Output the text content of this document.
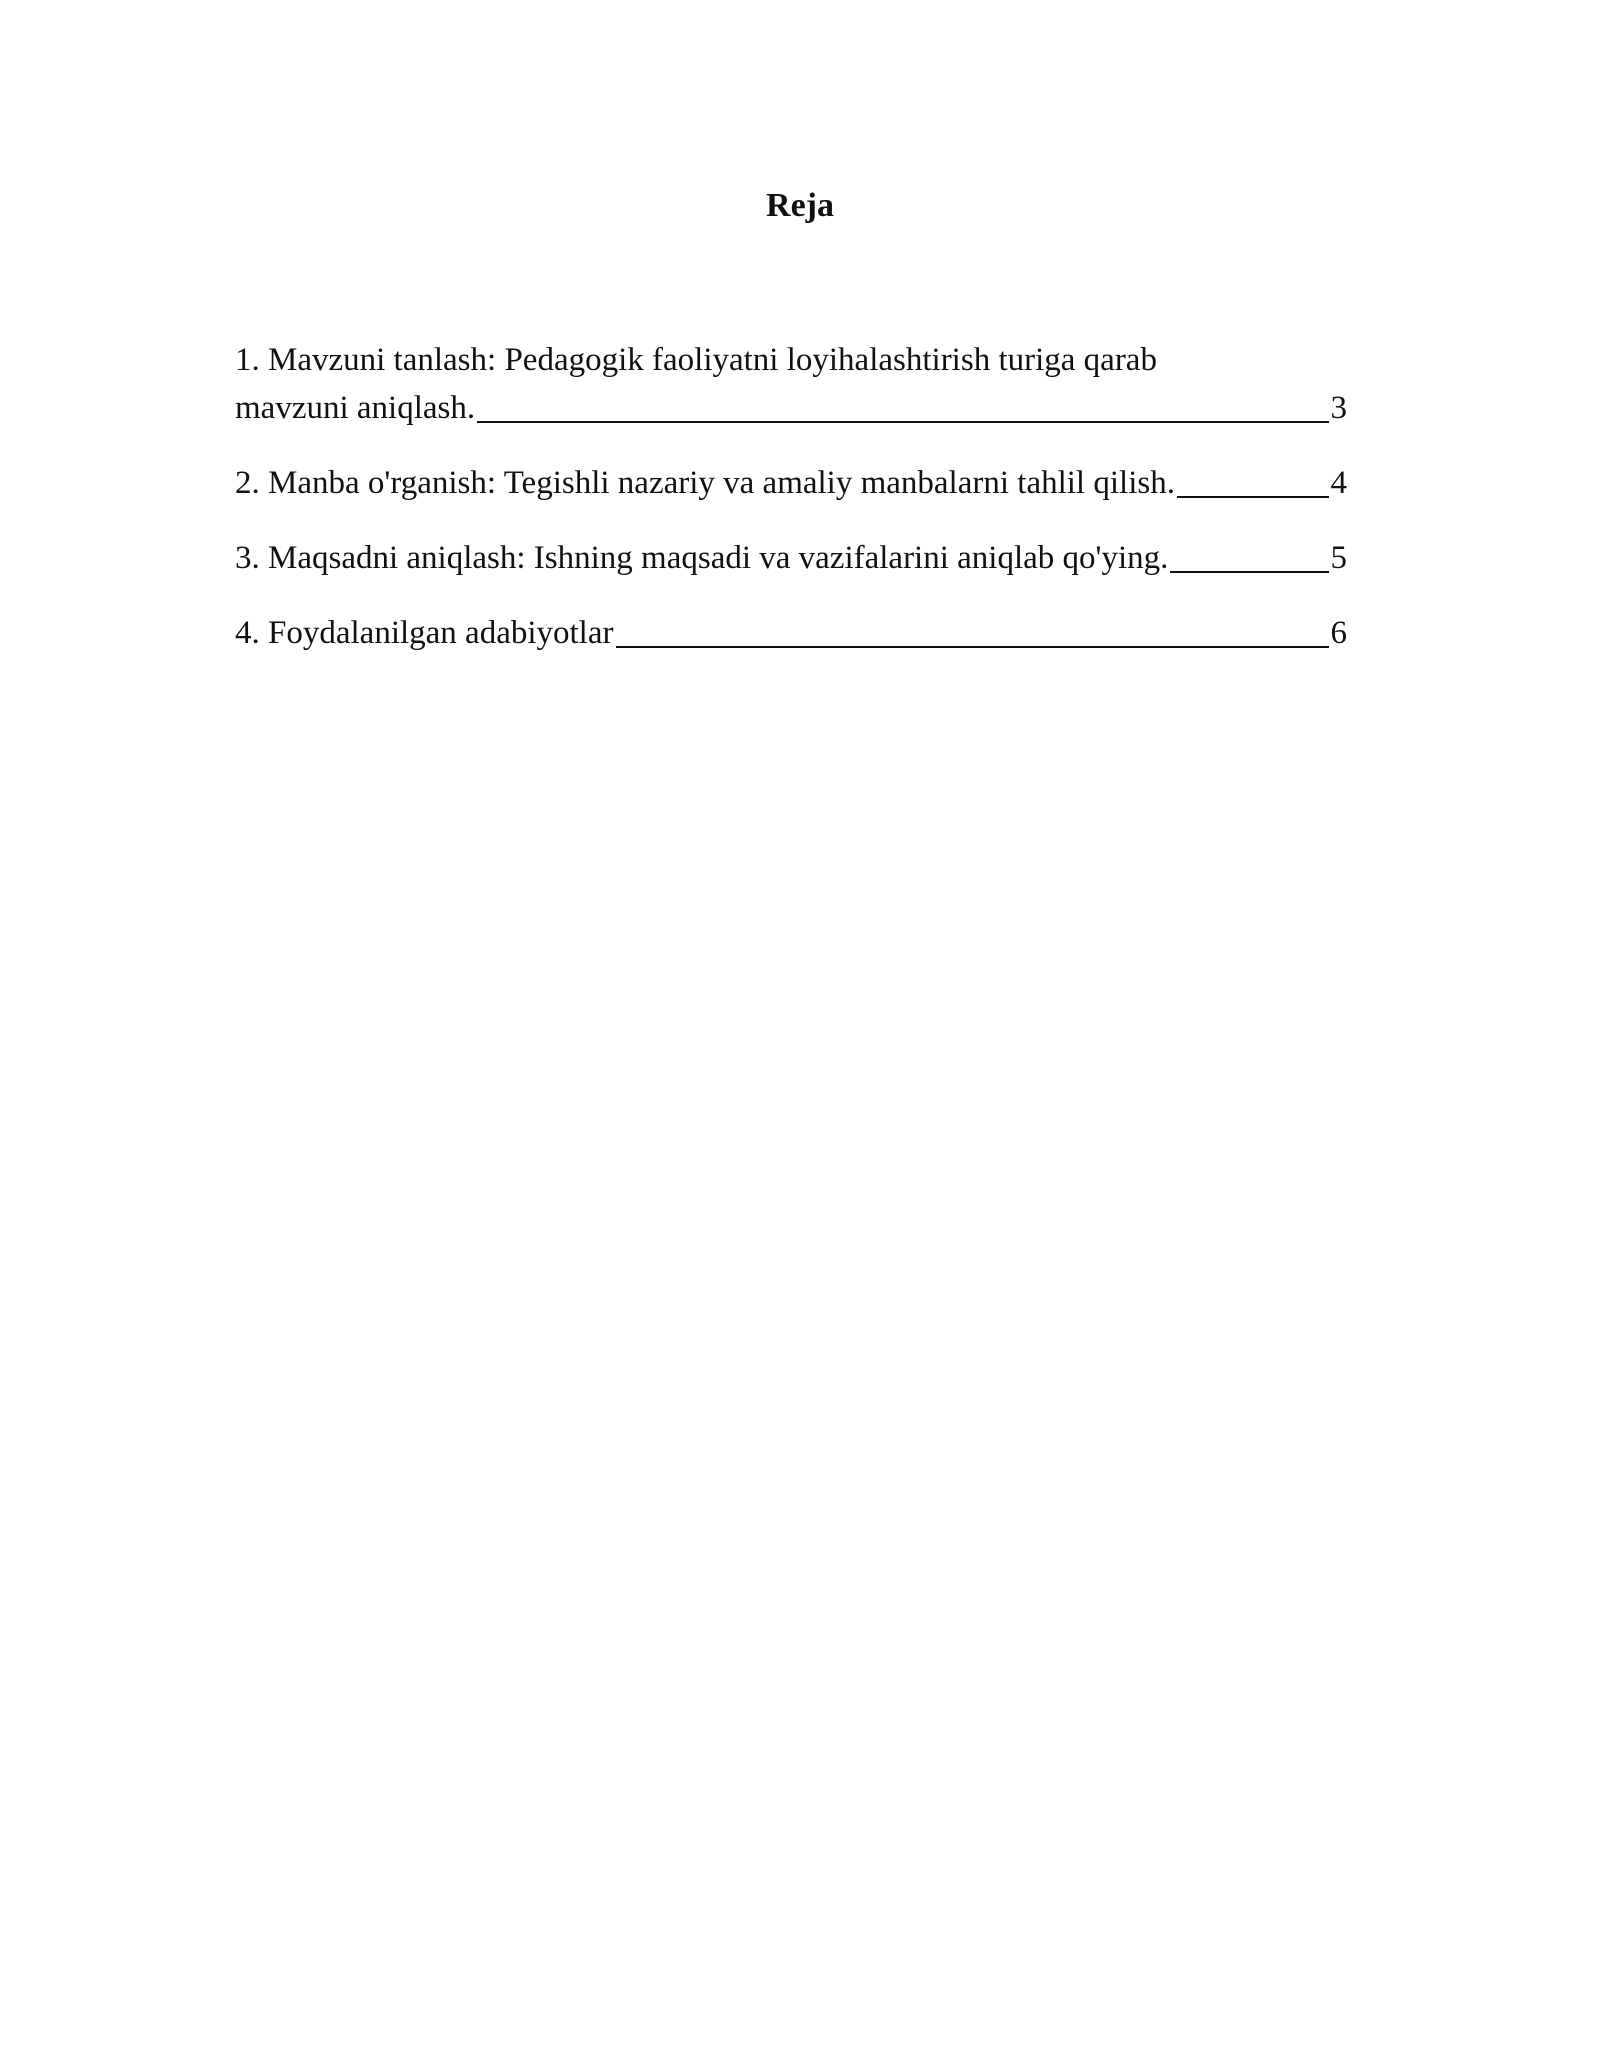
Reja
1. Mavzuni tanlash: Pedagogik faoliyatni loyihalashtirish turiga qarab
mavzuni aniqlash.	3
2. Manba o'rganish: Tegishli nazariy va amaliy manbalarni tahlil qilish.	4
3. Maqsadni aniqlash: Ishning maqsadi va vazifalarini aniqlab qo'ying.	5
4. Foydalanilgan adabiyotlar	6
